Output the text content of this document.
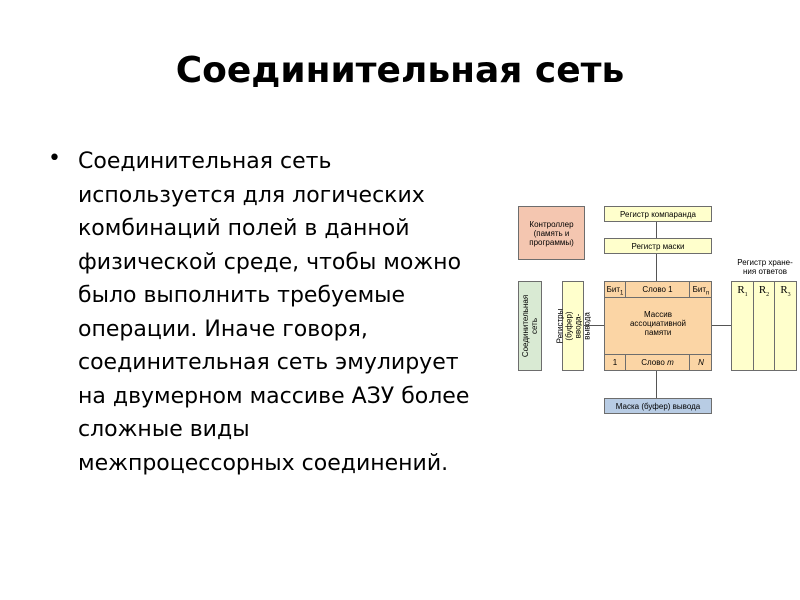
Соединительная сеть
• Соединительная сеть используется для логических комбинаций полей в данной физической среде, чтобы можно было выполнить требуемые операции. Иначе говоря, соединительная сеть эмулирует на двумерном массиве АЗУ более сложные виды межпроцессорных соединений.
Контроллер (память и программы)
Регистр компаранда
Регистр маски
Соединительная сеть Регистры (буфер) ввода-вывода
Бит$_1$	Слово 1	Бит$_n$
Массив ассоциативной памяти
1	Слово m	N
Маска (буфер) вывода
Регистр хране-ния ответов
$R_1$	$R_2$	$R_3$
